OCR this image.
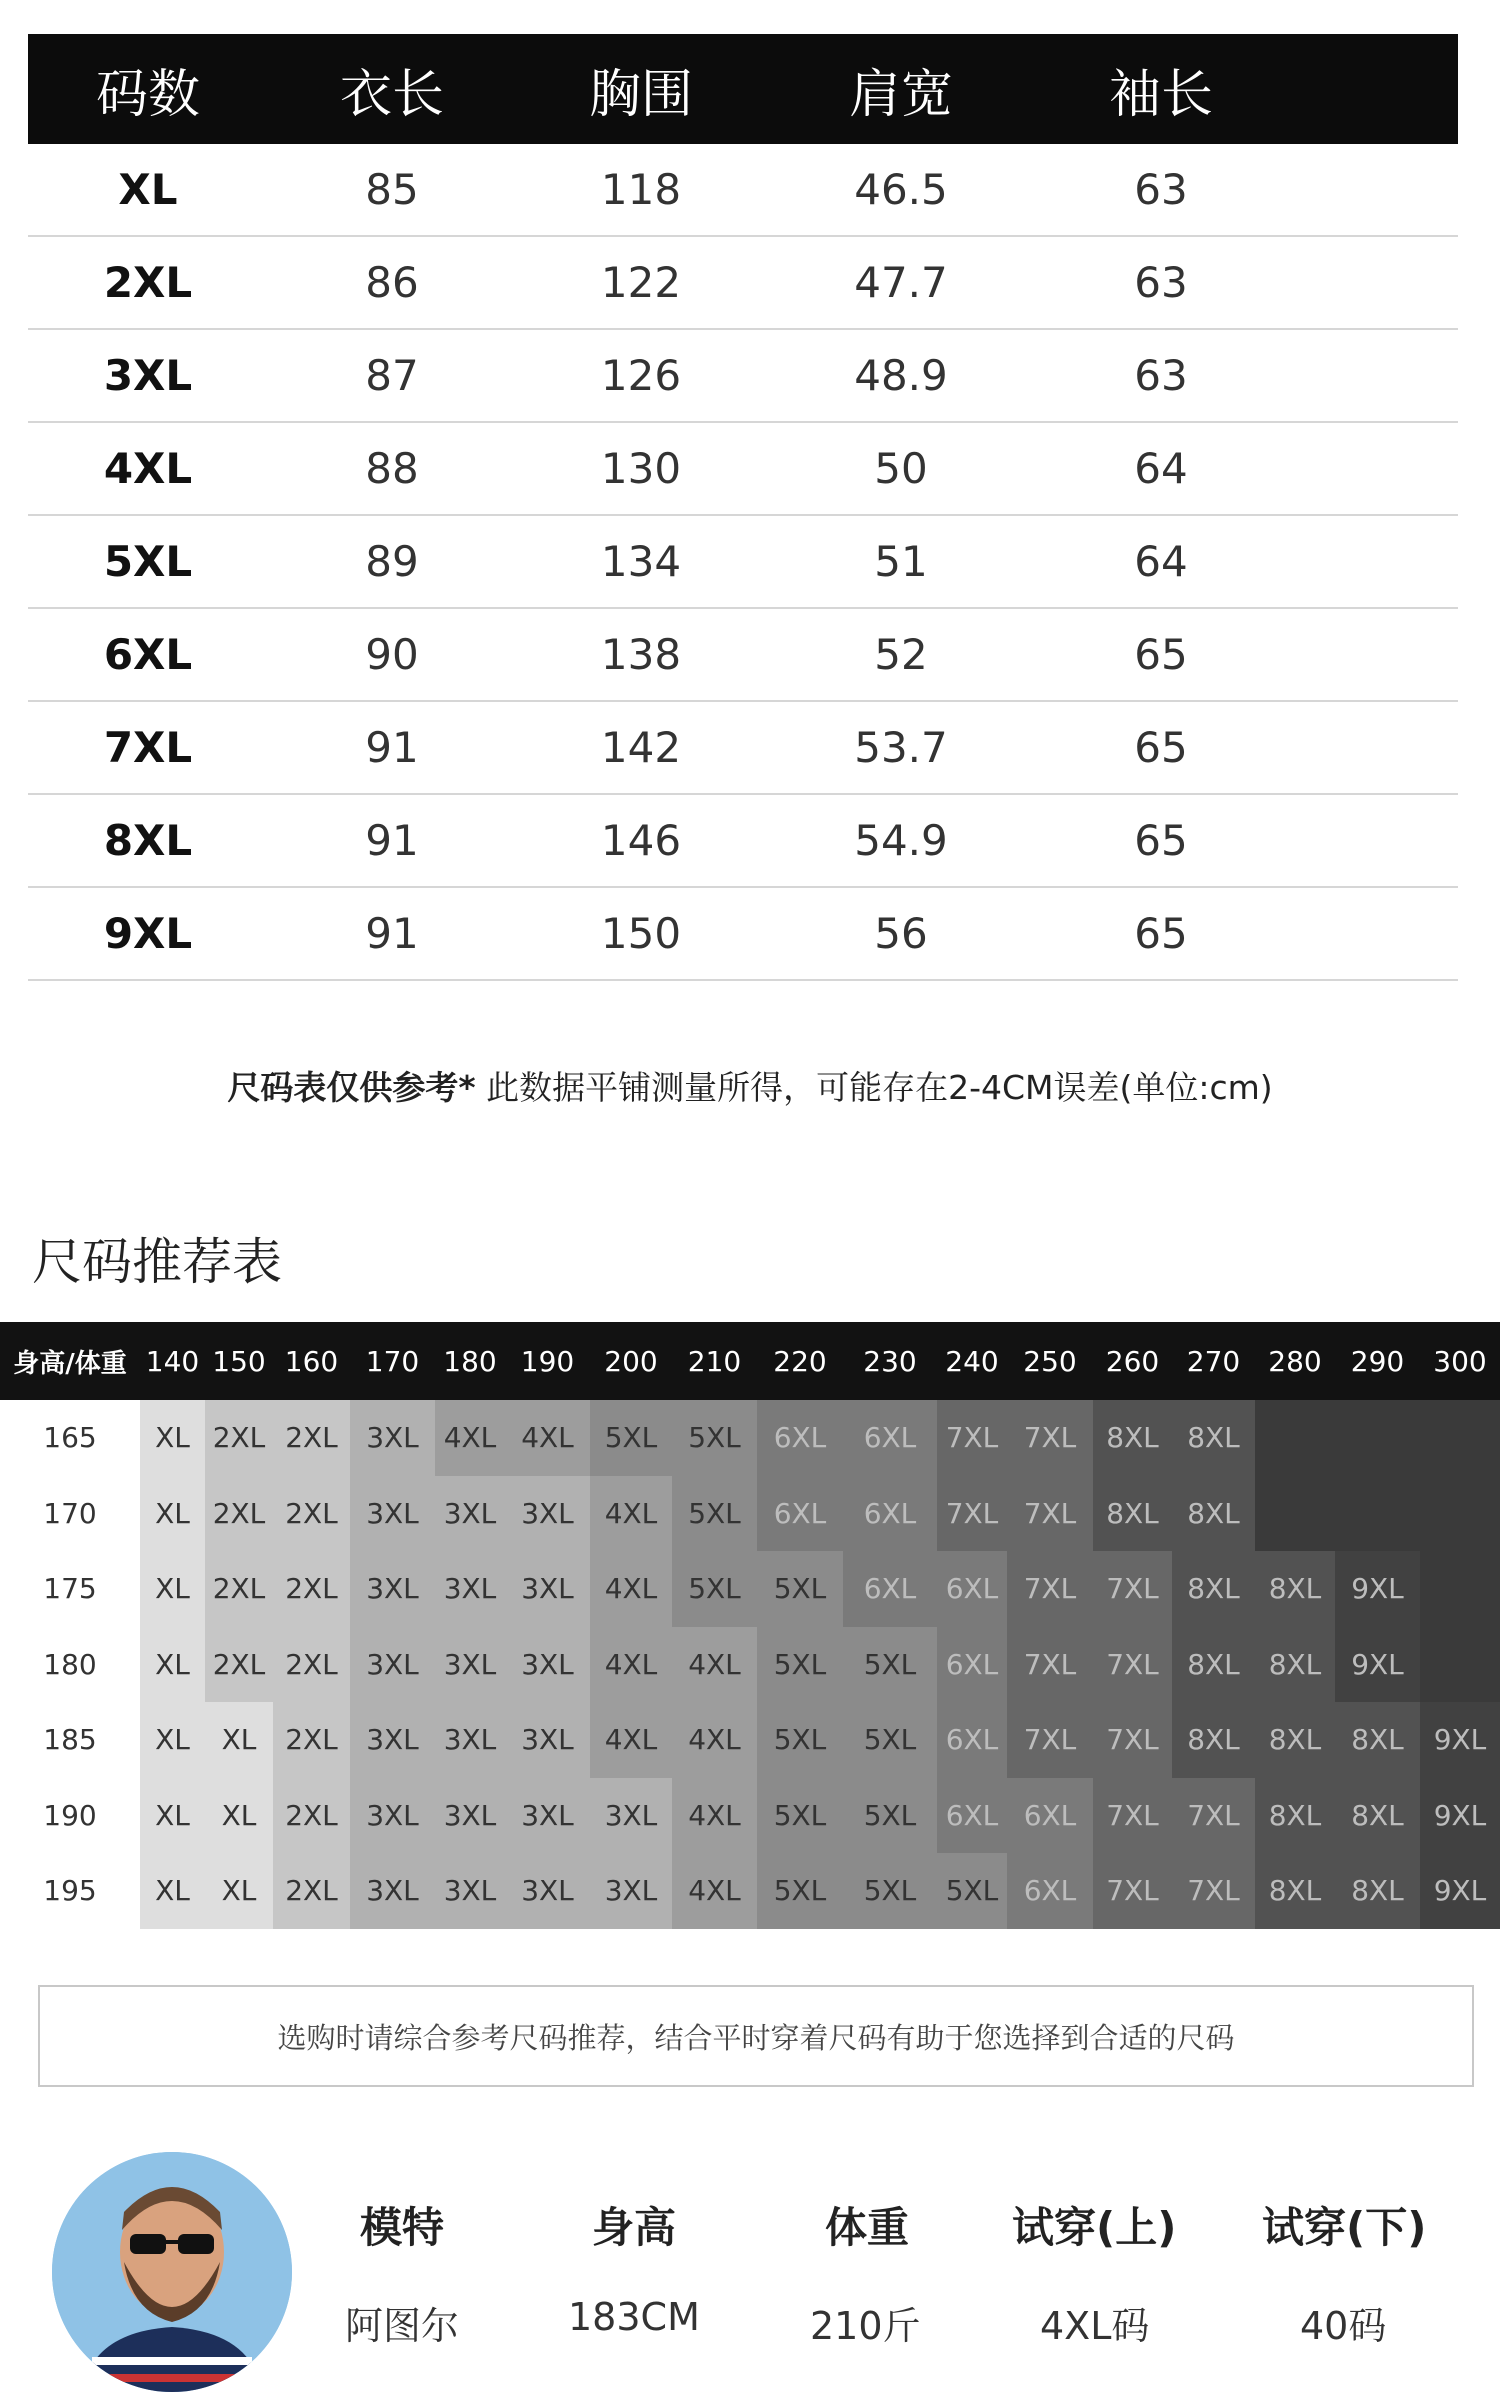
码数	衣长	胸围	肩宽	袖长
XL	85	118	46.5	63
2XL	86	122	47.7	63
3XL	87	126	48.9	63
4XL	88	130	50	64
5XL	89	134	51	64
6XL	90	138	52	65
7XL	91	142	53.7	65
8XL	91	146	54.9	65
9XL	91	150	56	65
尺码表仅供参考* 此数据平铺测量所得，可能存在2-4CM误差(单位:cm)
尺码推荐表
身高/体重 140 150 160 170 180 190	200	210	220	230	240 250	260 270	280	290	300
165	XL 2XL 2XL	3XL 4XL 4XL	5XL	5XL	6XL	6XL	7XL 7XL	8XL	8XL
170	XL 2XL 2XL	3XL 3XL 3XL	4XL	5XL	6XL	6XL	7XL 7XL	8XL	8XL
175	XL 2XL 2XL	3XL 3XL 3XL	4XL	5XL	5XL	6XL	6XL 7XL	7XL	8XL	8XL	9XL
180	XL 2XL 2XL	3XL 3XL 3XL	4XL	4XL	5XL	5XL	6XL 7XL	7XL	8XL	8XL	9XL
185	XL	XL	2XL	3XL 3XL 3XL	4XL	4XL	5XL	5XL	6XL 7XL	7XL	8XL	8XL	8XL	9XL
190	XL	XL	2XL	3XL 3XL 3XL	3XL	4XL	5XL	5XL	6XL 6XL	7XL	7XL	8XL	8XL	9XL
195	XL	XL	2XL	3XL 3XL 3XL	3XL	4XL	5XL	5XL	5XL 6XL	7XL	7XL	8XL	8XL	9XL
选购时请综合参考尺码推荐，结合平时穿着尺码有助于您选择到合适的尺码
模特	身高	体重 试穿(上) 试穿(下)
阿图尔	183CM	210斤	4XL码	40码
